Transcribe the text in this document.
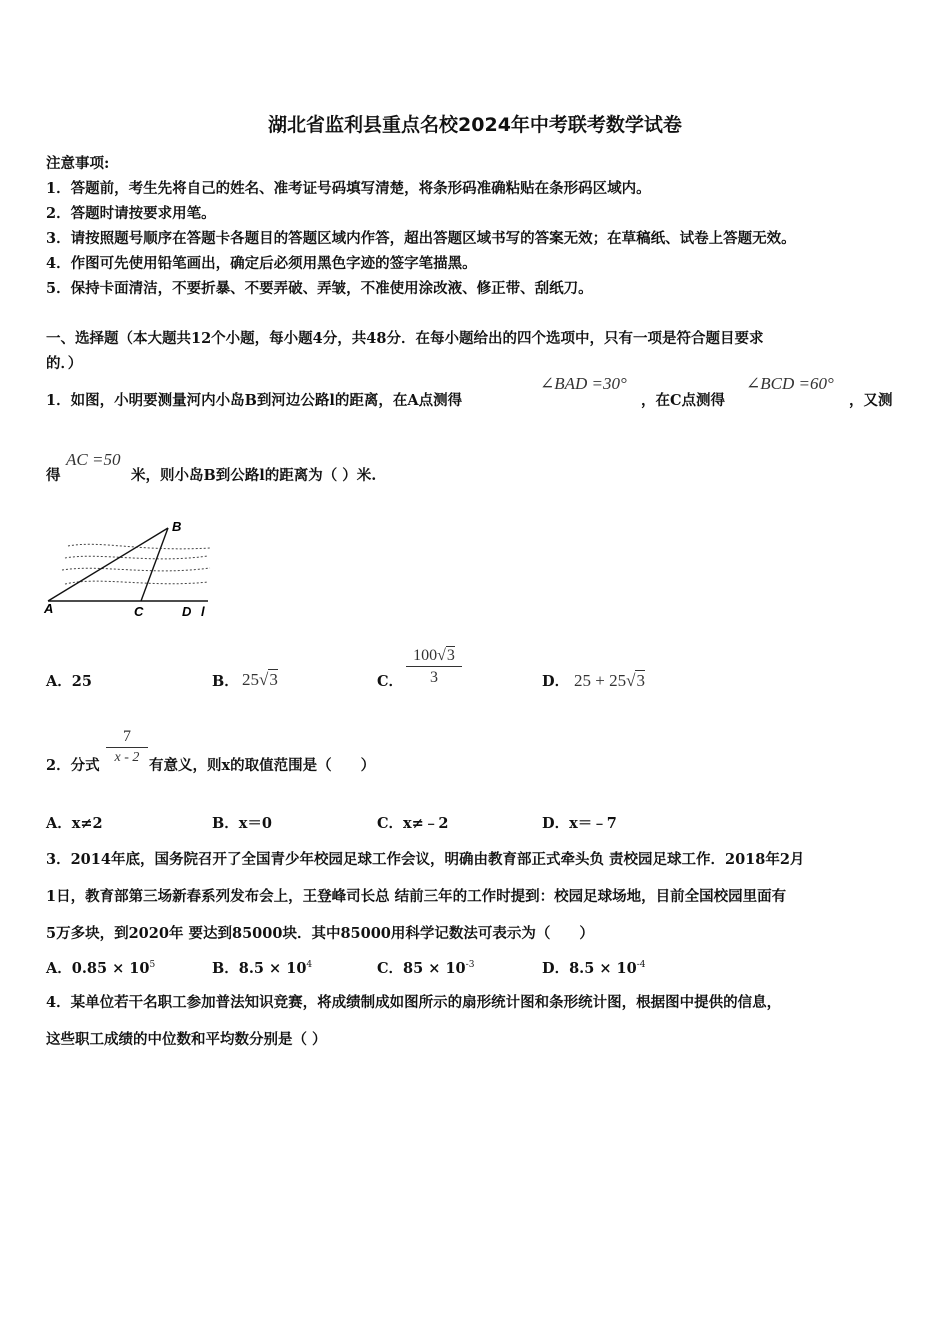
湖北省监利县重点名校2024年中考联考数学试卷
注意事项:
1．答题前，考生先将自己的姓名、准考证号码填写清楚，将条形码准确粘贴在条形码区域内。
2．答题时请按要求用笔。
3．请按照题号顺序在答题卡各题目的答题区域内作答，超出答题区域书写的答案无效；在草稿纸、试卷上答题无效。
4．作图可先使用铅笔画出，确定后必须用黑色字迹的签字笔描黑。
5．保持卡面清洁，不要折暴、不要弄破、弄皱，不准使用涂改液、修正带、刮纸刀。
一、选择题（本大题共12个小题，每小题4分，共48分．在每小题给出的四个选项中，只有一项是符合题目要求
的．）
1．如图，小明要测量河内小岛B到河边公路l的距离，在A点测得
∠BAD =30°
，在C点测得
∠BCD =60°
，又测
得
AC =50
米，则小岛B到公路l的距离为（ ）米.
A
B
C	D l
A．25	B． 25√3	C．
100√3
3	D． 25 + 25√3
2．分式
7
x - 2 有意义，则x的取值范围是（　　）
A．x≠2	B．x＝0	C．x≠﹣2	D．x＝﹣7
3．2014年底，国务院召开了全国青少年校园足球工作会议，明确由教育部正式牵头负 责校园足球工作．2018年2月
1日，教育部第三场新春系列发布会上，王登峰司长总 结前三年的工作时提到：校园足球场地，目前全国校园里面有
5万多块，到2020年 要达到85000块．其中85000用科学记数法可表示为（　　）
A．$0.85 \times 10^5$	B．$8.5 \times 10^4$	C．$85 \times 10^{-3}$	D．$8.5 \times 10^{-4}$
4．某单位若干名职工参加普法知识竞赛，将成绩制成如图所示的扇形统计图和条形统计图，根据图中提供的信息，
这些职工成绩的中位数和平均数分别是（ ）
